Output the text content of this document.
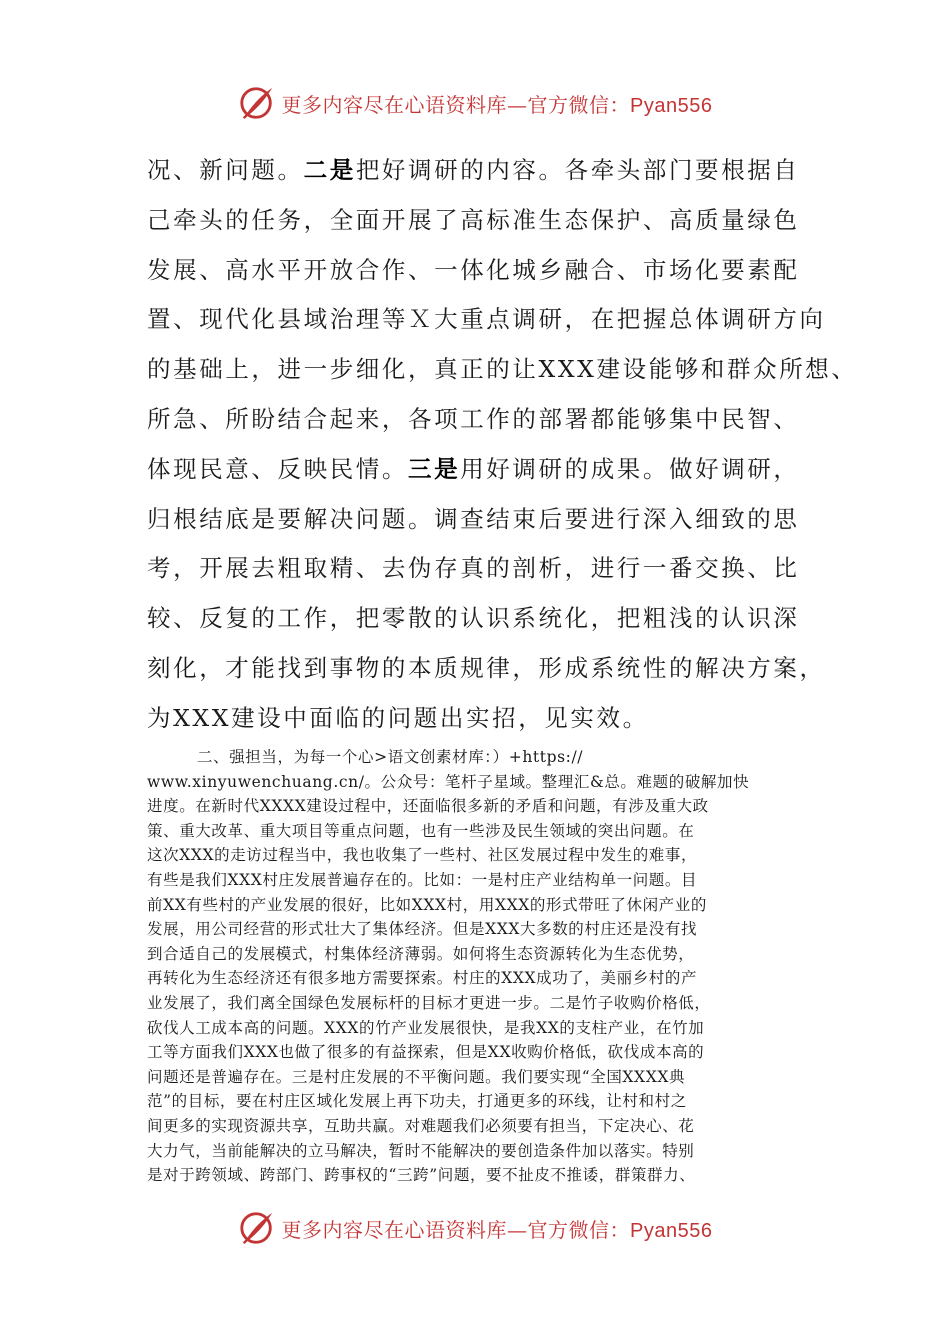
更多内容尽在心语资料库—官方微信：Pyan556
况、新问题。二是把好调研的内容。各牵头部门要根据自
己牵头的任务，全面开展了高标准生态保护、高质量绿色
发展、高水平开放合作、一体化城乡融合、市场化要素配
置、现代化县域治理等Ｘ大重点调研，在把握总体调研方向
的基础上，进一步细化，真正的让XXX建设能够和群众所想、
所急、所盼结合起来，各项工作的部署都能够集中民智、
体现民意、反映民情。三是用好调研的成果。做好调研，
归根结底是要解决问题。调查结束后要进行深入细致的思
考，开展去粗取精、去伪存真的剖析，进行一番交换、比
较、反复的工作，把零散的认识系统化，把粗浅的认识深
刻化，才能找到事物的本质规律，形成系统性的解决方案，
为XXX建设中面临的问题出实招，见实效。
二、强担当，为每一个心>语文创素材库：）+https://
www.xinyuwenchuang.cn/。公众号：笔杆子星域。整理汇&总。难题的破解加快
进度。在新时代XXXX建设过程中，还面临很多新的矛盾和问题，有涉及重大政
策、重大改革、重大项目等重点问题，也有一些涉及民生领域的突出问题。在
这次XXX的走访过程当中，我也收集了一些村、社区发展过程中发生的难事，
有些是我们XXX村庄发展普遍存在的。比如：一是村庄产业结构单一问题。目
前XX有些村的产业发展的很好，比如XXX村，用XXX的形式带旺了休闲产业的
发展，用公司经营的形式壮大了集体经济。但是XXX大多数的村庄还是没有找
到合适自己的发展模式，村集体经济薄弱。如何将生态资源转化为生态优势，
再转化为生态经济还有很多地方需要探索。村庄的XXX成功了，美丽乡村的产
业发展了，我们离全国绿色发展标杆的目标才更进一步。二是竹子收购价格低，
砍伐人工成本高的问题。XXX的竹产业发展很快，是我XX的支柱产业，在竹加
工等方面我们XXX也做了很多的有益探索，但是XX收购价格低，砍伐成本高的
问题还是普遍存在。三是村庄发展的不平衡问题。我们要实现“全国XXXX典
范”的目标，要在村庄区域化发展上再下功夫，打通更多的环线，让村和村之
间更多的实现资源共享，互助共赢。对难题我们必须要有担当，下定决心、花
大力气，当前能解决的立马解决，暂时不能解决的要创造条件加以落实。特别
是对于跨领域、跨部门、跨事权的“三跨”问题，要不扯皮不推诿，群策群力、
更多内容尽在心语资料库—官方微信：Pyan556
